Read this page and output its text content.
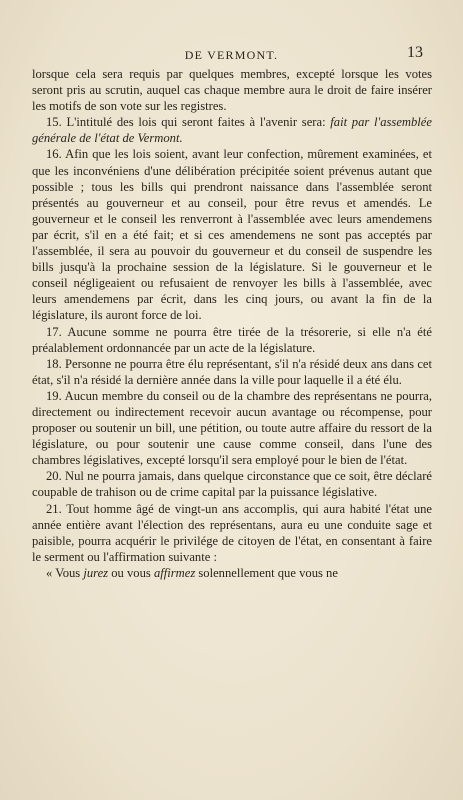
DE VERMONT.	13

lorsque cela sera requis par quelques membres, excepté lorsque les votes seront pris au scrutin, auquel cas chaque membre aura le droit de faire insérer les motifs de son vote sur les registres.

15. L'intitulé des lois qui seront faites à l'avenir sera: fait par l'assemblée générale de l'état de Vermont.

16. Afin que les lois soient, avant leur confection, mûrement examinées, et que les inconvéniens d'une délibération précipitée soient prévenus autant que possible ; tous les bills qui prendront naissance dans l'assemblée seront présentés au gouverneur et au conseil, pour être revus et amendés. Le gouverneur et le conseil les renverront à l'assemblée avec leurs amendemens par écrit, s'il en a été fait; et si ces amendemens ne sont pas acceptés par l'assemblée, il sera au pouvoir du gouverneur et du conseil de suspendre les bills jusqu'à la prochaine session de la législature. Si le gouverneur et le conseil négligeaient ou refusaient de renvoyer les bills à l'assemblée, avec leurs amendemens par écrit, dans les cinq jours, ou avant la fin de la législature, ils auront force de loi.

17. Aucune somme ne pourra être tirée de la trésorerie, si elle n'a été préalablement ordonnancée par un acte de la législature.

18. Personne ne pourra être élu représentant, s'il n'a résidé deux ans dans cet état, s'il n'a résidé la dernière année dans la ville pour laquelle il a été élu.

19. Aucun membre du conseil ou de la chambre des représentans ne pourra, directement ou indirectement recevoir aucun avantage ou récompense, pour proposer ou soutenir un bill, une pétition, ou toute autre affaire du ressort de la législature, ou pour soutenir une cause comme conseil, dans l'une des chambres législatives, excepté lorsqu'il sera employé pour le bien de l'état.

20. Nul ne pourra jamais, dans quelque circonstance que ce soit, être déclaré coupable de trahison ou de crime capital par la puissance législative.

21. Tout homme âgé de vingt-un ans accomplis, qui aura habité l'état une année entière avant l'élection des représentans, aura eu une conduite sage et paisible, pourra acquérir le privilége de citoyen de l'état, en consentant à faire le serment ou l'affirmation suivante :

« Vous jurez ou vous affirmez solennellement que vous ne
